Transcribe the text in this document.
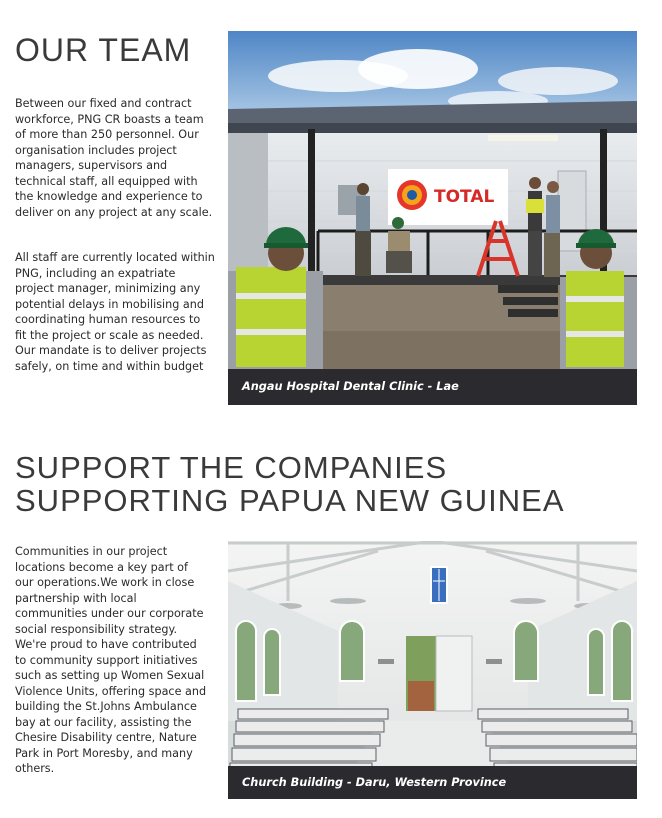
OUR TEAM

Between our fixed and contract workforce, PNG CR boasts a team of more than 250 personnel. Our organisation includes project managers, supervisors and technical staff, all equipped with the knowledge and experience to deliver on any project at any scale.

All staff are currently located within PNG, including an expatriate project manager, minimizing any potential delays in mobilising and coordinating human resources to fit the project or scale as needed. Our mandate is to deliver projects safely, on time and within budget

TOTAL
Angau Hospital Dental Clinic - Lae
SUPPORT THE COMPANIES
SUPPORTING PAPUA NEW GUINEA

Communities in our project locations become a key part of our operations.We work in close partnership with local communities under our corporate social responsibility strategy. We're proud to have contributed to community support initiatives such as setting up Women Sexual Violence Units, offering space and building the St.Johns Ambulance bay at our facility, assisting the Chesire Disability centre, Nature Park in Port Moresby, and many others.

Church Building - Daru, Western Province
